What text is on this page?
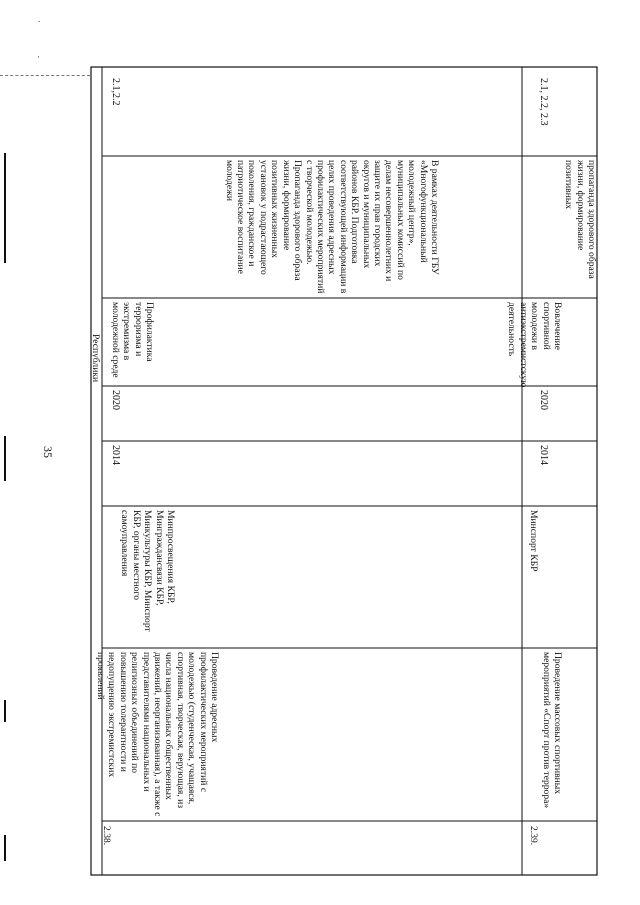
35
.
·
Республики
2.38.
Проведение адресных профилактических мероприятий с молодежью (студенческая, учащаяся, спортивная, творческая, верующая, из числа национальных общественных движений, неорганизованная), а также с представителями национальных и религиозных объединений по повышению толерантности и недопущению экстремистских проявлений
Минпросвещения КБР, Минграждансвязи КБР, Минкультуры КБР, Минспорт КБР, органы местного самоуправления
2014
2020
Профилактика терроризма и экстремизма в молодежной среде
В рамках деятельности ГБУ «Многофункциональный молодежный центр», муниципальных комиссий по делам несовершеннолетних и защите их прав городских округов и муниципальных районов КБР. Подготовка соответствующей информации в целях проведения адресных профилактических мероприятий с творческой молодежью. Пропаганда здорового образа жизни, формирование позитивных жизненных установок у подрастающего поколения, гражданское и патриотическое воспитание молодежи
2.1,2.2
2.39.
Проведение массовых спортивных мероприятий «Спорт против террора»
Минспорт КБР
2014
2020
Вовлечение спортивной молодежи в антиэкстремистскую деятельность
пропаганда здорового образа жизни, формирование позитивных
2.1, 2.2, 2.3
